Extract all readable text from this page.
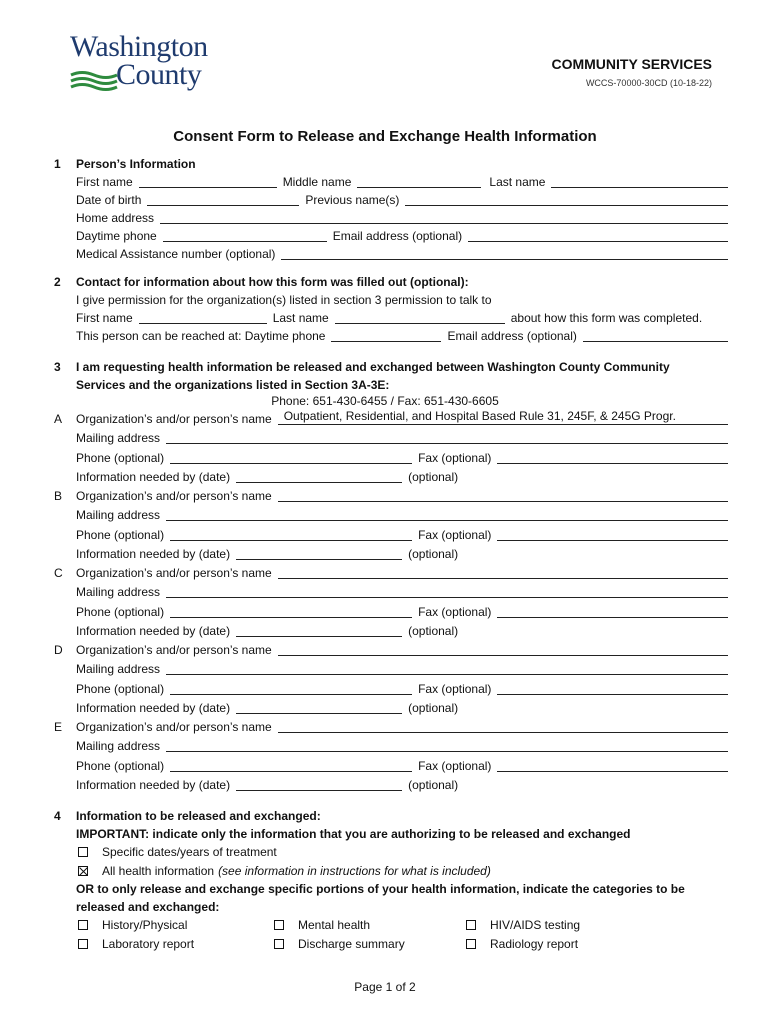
Washington
County	COMMUNITY SERVICES
WCCS-70000-30CD (10-18-22)
Consent Form to Release and Exchange Health Information
1 Person’s Information
First name	Middle name	Last name
Date of birth	Previous name(s)
Home address
Daytime phone	Email address (optional)
Medical Assistance number (optional)
2 Contact for information about how this form was filled out (optional):
I give permission for the organization(s) listed in section 3 permission to talk to
First name	Last name	about how this form was completed.
This person can be reached at: Daytime phone	Email address (optional)
3 I am requesting health information be released and exchanged between Washington County Community
Services and the organizations listed in Section 3A-3E:
Phone: 651-430-6455 / Fax: 651-430-6605
A Organization’s and/or person’s name	Outpatient, Residential, and Hospital Based Rule 31, 245F, & 245G Progr.
Mailing address
Phone (optional)	Fax (optional)
Information needed by (date)	(optional)
B Organization’s and/or person’s name
Mailing address
Phone (optional)	Fax (optional)
Information needed by (date)	(optional)
C Organization’s and/or person’s name
Mailing address
Phone (optional)	Fax (optional)
Information needed by (date)	(optional)
D Organization’s and/or person’s name
Mailing address
Phone (optional)	Fax (optional)
Information needed by (date)	(optional)
E Organization’s and/or person’s name
Mailing address
Phone (optional)	Fax (optional)
Information needed by (date)	(optional)
4 Information to be released and exchanged:
IMPORTANT: indicate only the information that you are authorizing to be released and exchanged
Specific dates/years of treatment
All health information (see information in instructions for what is included)
OR to only release and exchange specific portions of your health information, indicate the categories to be
released and exchanged:
History/Physical	Mental health	HIV/AIDS testing
Laboratory report	Discharge summary	Radiology report
Page 1 of 2
